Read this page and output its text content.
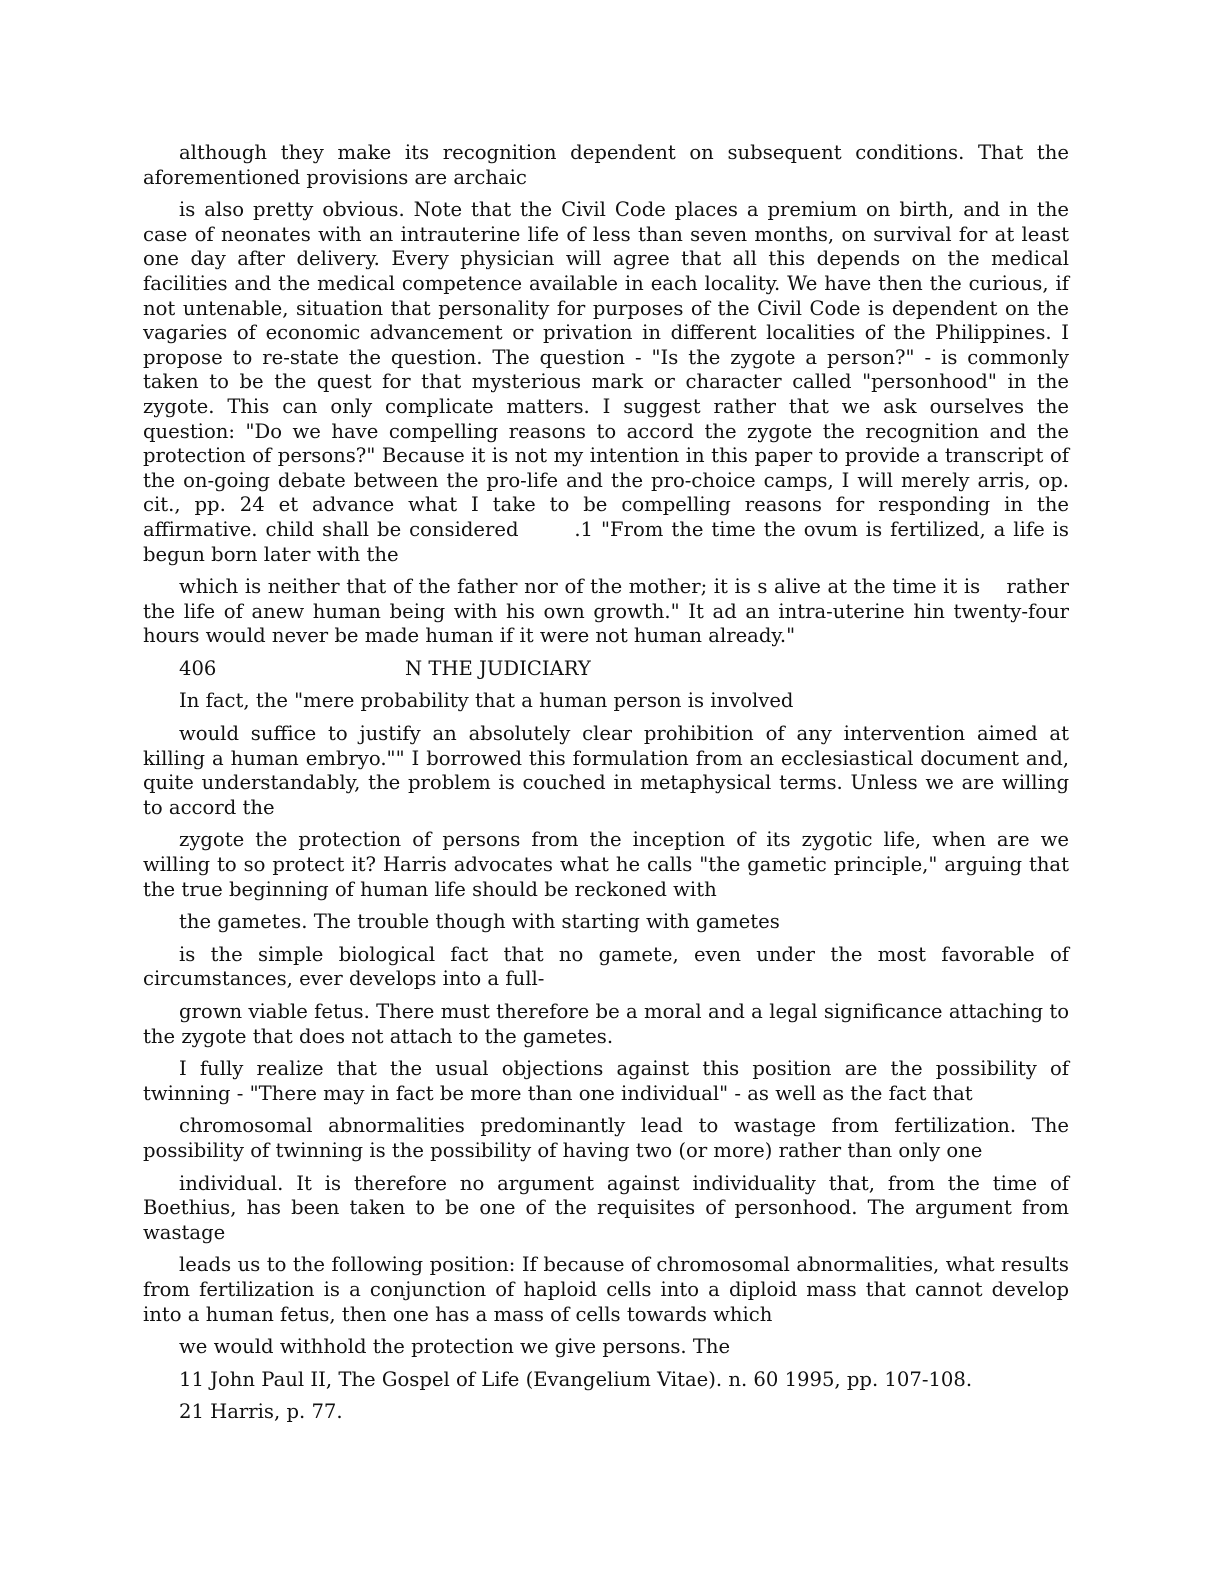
although they make its recognition dependent on subsequent conditions. That the aforementioned provisions are archaic

is also pretty obvious. Note that the Civil Code places a premium on birth, and in the case of neonates with an intrauterine life of less than seven months, on survival for at least one day after delivery. Every physician will agree that all this depends on the medical facilities and the medical competence available in each locality. We have then the curious, if not untenable, situation that personality for purposes of the Civil Code is dependent on the vagaries of economic advancement or privation in different localities of the Philippines. I propose to re-state the question. The question - "Is the zygote a person?" - is commonly taken to be the quest for that mysterious mark or character called "personhood" in the zygote. This can only complicate matters. I suggest rather that we ask ourselves the question: "Do we have compelling reasons to accord the zygote the recognition and the protection of persons?" Because it is not my intention in this paper to provide a transcript of the on-going debate between the pro-life and the pro-choice camps, I will merely arris, op. cit., pp. 24 et advance what I take to be compelling reasons for responding in the affirmative. child shall be considered       .1 "From the time the ovum is fertilized, a life is begun born later with the

which is neither that of the father nor of the mother; it is s alive at the time it is    rather the life of anew human being with his own growth." It ad an intra-uterine hin twenty-four hours would never be made human if it were not human already."

406	N THE JUDICIARY

In fact, the "mere probability that a human person is involved

would suffice to justify an absolutely clear prohibition of any intervention aimed at killing a human embryo."" I borrowed this formulation from an ecclesiastical document and, quite understandably, the problem is couched in metaphysical terms. Unless we are willing to accord the

zygote the protection of persons from the inception of its zygotic life, when are we willing to so protect it? Harris advocates what he calls "the gametic principle," arguing that the true beginning of human life should be reckoned with

the gametes. The trouble though with starting with gametes

is the simple biological fact that no gamete, even under the most favorable of circumstances, ever develops into a full-

grown viable fetus. There must therefore be a moral and a legal significance attaching to the zygote that does not attach to the gametes.

I fully realize that the usual objections against this position are the possibility of twinning - "There may in fact be more than one individual" - as well as the fact that

chromosomal abnormalities predominantly lead to wastage from fertilization. The possibility of twinning is the possibility of having two (or more) rather than only one

individual. It is therefore no argument against individuality that, from the time of Boethius, has been taken to be one of the requisites of personhood. The argument from wastage

leads us to the following position: If because of chromosomal abnormalities, what results from fertilization is a conjunction of haploid cells into a diploid mass that cannot develop into a human fetus, then one has a mass of cells towards which

we would withhold the protection we give persons. The

11 John Paul II, The Gospel of Life (Evangelium Vitae). n. 60 1995, pp. 107-108.

21 Harris, p. 77.
